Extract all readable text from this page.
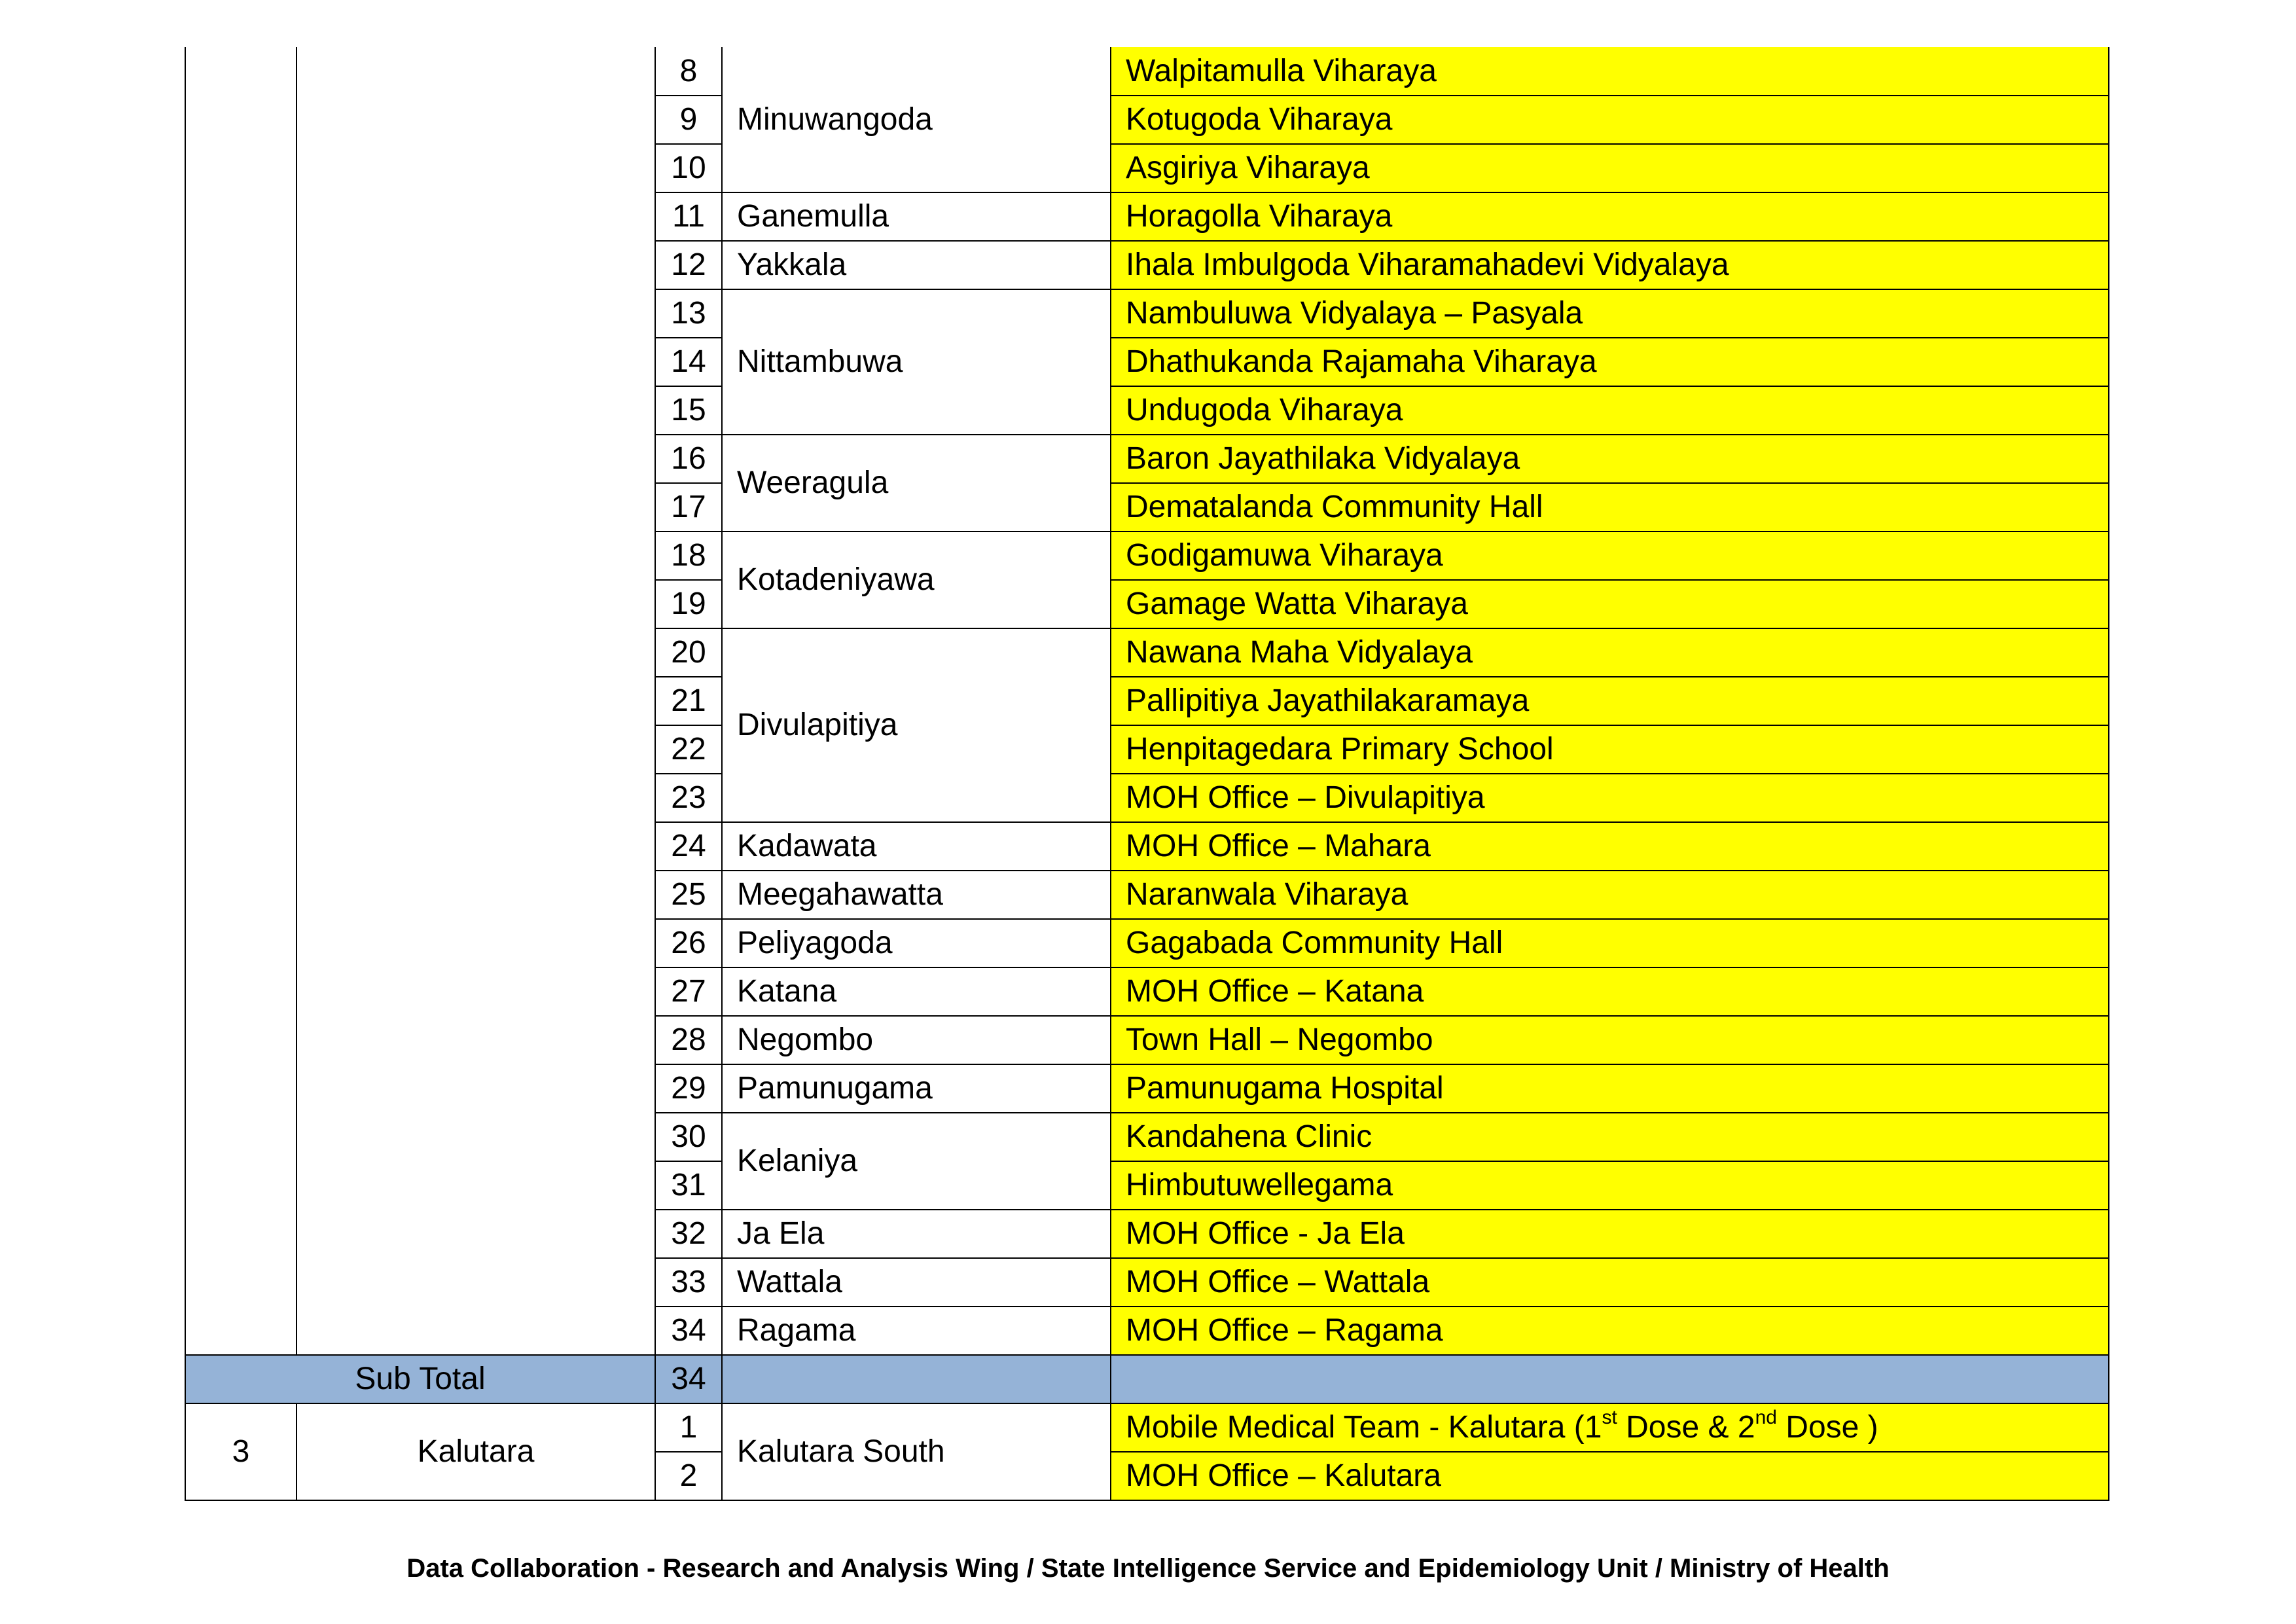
		8	Minuwangoda	Walpitamulla Viharaya
		9		Kotugoda Viharaya
		10		Asgiriya Viharaya
		11	Ganemulla	Horagolla Viharaya
		12	Yakkala	Ihala Imbulgoda Viharamahadevi Vidyalaya
		13	Nittambuwa	Nambuluwa Vidyalaya – Pasyala
		14		Dhathukanda Rajamaha Viharaya
		15		Undugoda Viharaya
		16	Weeragula	Baron Jayathilaka Vidyalaya
		17		Dematalanda Community Hall
		18	Kotadeniyawa	Godigamuwa Viharaya
		19		Gamage Watta Viharaya
		20	Divulapitiya	Nawana Maha Vidyalaya
		21		Pallipitiya Jayathilakaramaya
		22		Henpitagedara Primary School
		23		MOH Office – Divulapitiya
		24	Kadawata	MOH Office – Mahara
		25	Meegahawatta	Naranwala Viharaya
		26	Peliyagoda	Gagabada Community Hall
		27	Katana	MOH Office – Katana
		28	Negombo	Town Hall – Negombo
		29	Pamunugama	Pamunugama Hospital
		30	Kelaniya	Kandahena Clinic
		31		Himbutuwellegama
		32	Ja Ela	MOH Office - Ja Ela
		33	Wattala	MOH Office – Wattala
		34	Ragama	MOH Office – Ragama
Sub Total		34		
3	Kalutara	1	Kalutara South	Mobile Medical Team - Kalutara (1st Dose & 2nd Dose )
		2		MOH Office – Kalutara
Data Collaboration - Research and Analysis Wing / State Intelligence Service and Epidemiology Unit / Ministry of Health
